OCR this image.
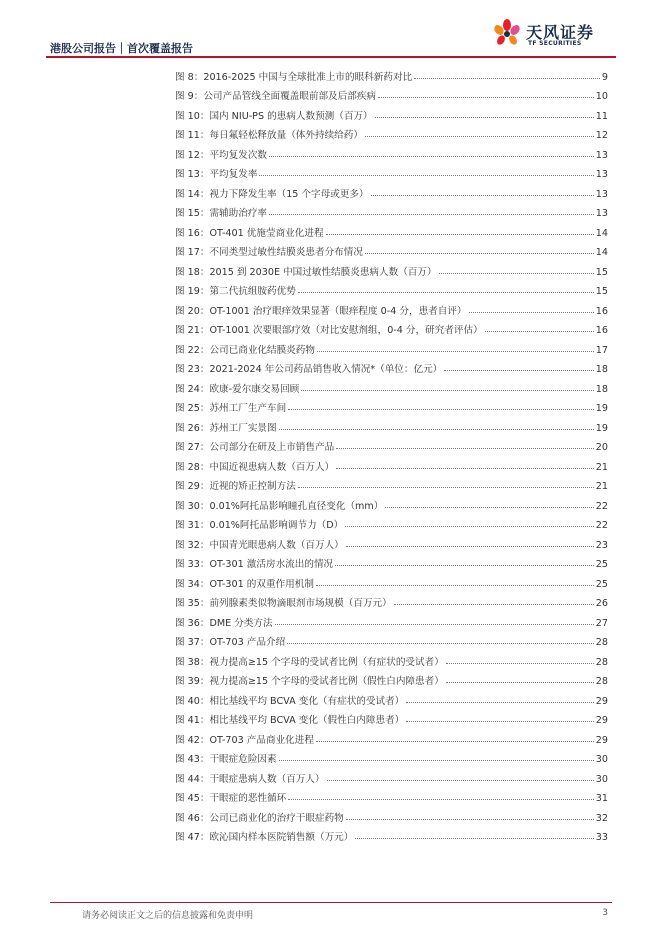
港股公司报告｜首次覆盖报告
天风证券
TF SECURITIES
图 8：2016-2025 中国与全球批准上市的眼科新药对比	9
图 9：公司产品管线全面覆盖眼前部及后部疾病	10
图 10：国内 NIU-PS 的患病人数预测（百万）	11
图 11：每日氟轻松释放量（体外持续给药）	12
图 12：平均复发次数	13
图 13：平均复发率	13
图 14：视力下降发生率（15 个字母或更多）	13
图 15：需辅助治疗率	13
图 16：OT-401 优施莹商业化进程	14
图 17：不同类型过敏性结膜炎患者分布情况	14
图 18：2015 到 2030E 中国过敏性结膜炎患病人数（百万）	15
图 19：第二代抗组胺药优势	15
图 20：OT-1001 治疗眼痒效果显著（眼痒程度 0-4 分，患者自评）	16
图 21：OT-1001 次要眼部疗效（对比安慰剂组，0-4 分，研究者评估）	16
图 22：公司已商业化结膜炎药物	17
图 23：2021-2024 年公司药品销售收入情况*（单位：亿元）	18
图 24：欧康-爱尔康交易回顾	18
图 25：苏州工厂生产车间	19
图 26：苏州工厂实景图	19
图 27：公司部分在研及上市销售产品	20
图 28：中国近视患病人数（百万人）	21
图 29：近视的矫正控制方法	21
图 30：0.01%阿托品影响瞳孔直径变化（mm）	22
图 31：0.01%阿托品影响调节力（D）	22
图 32：中国青光眼患病人数（百万人）	23
图 33：OT-301 激活房水流出的情况	25
图 34：OT-301 的双重作用机制	25
图 35：前列腺素类似物滴眼剂市场规模（百万元）	26
图 36：DME 分类方法	27
图 37：OT-703 产品介绍	28
图 38：视力提高≥15 个字母的受试者比例（有症状的受试者）	28
图 39：视力提高≥15 个字母的受试者比例（假性白内障患者）	28
图 40：相比基线平均 BCVA 变化（有症状的受试者）	29
图 41：相比基线平均 BCVA 变化（假性白内障患者）	29
图 42：OT-703 产品商业化进程	29
图 43：干眼症危险因素	30
图 44：干眼症患病人数（百万人）	30
图 45：干眼症的恶性循环	31
图 46：公司已商业化的治疗干眼症药物	32
图 47：欧沁国内样本医院销售额（万元）	33
请务必阅读正文之后的信息披露和免责申明	3
